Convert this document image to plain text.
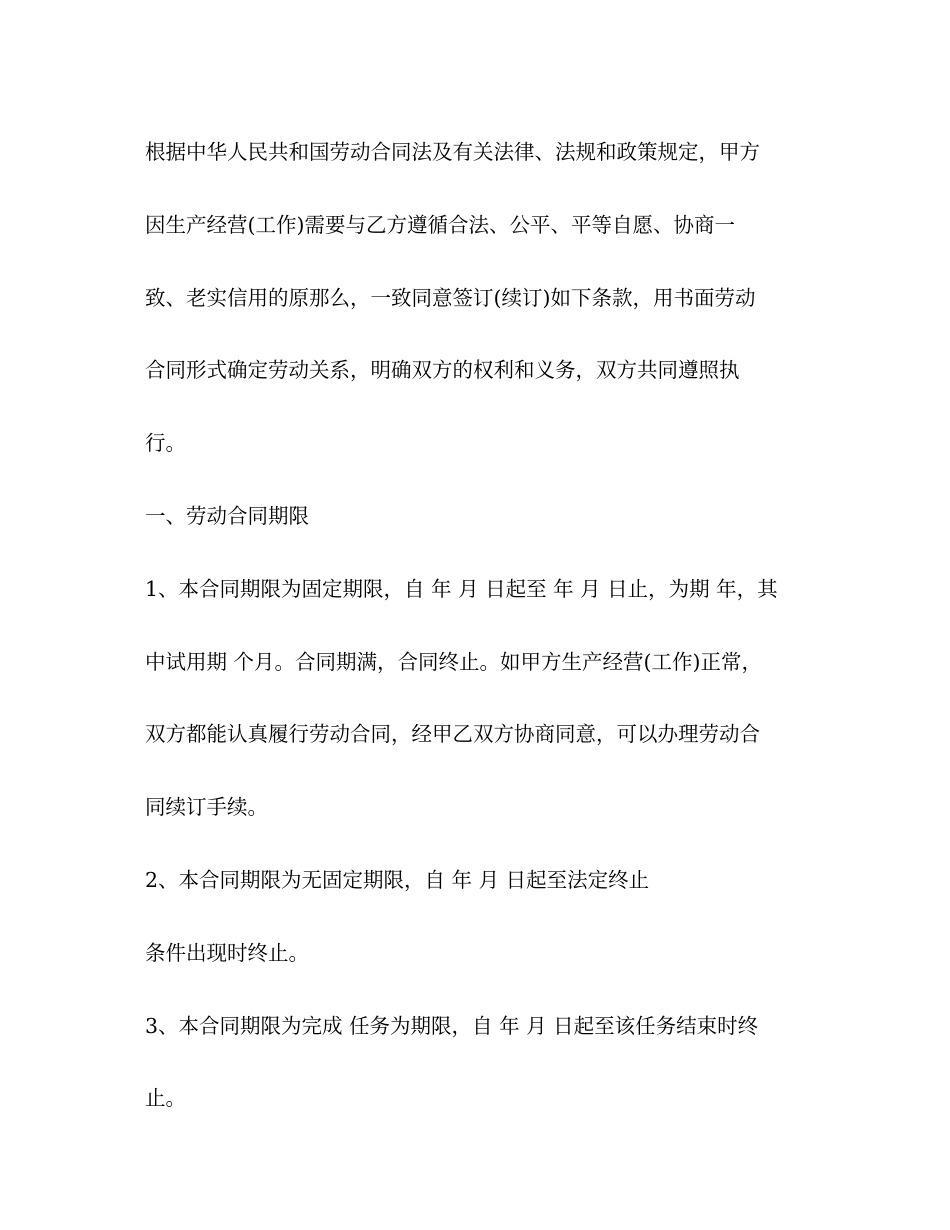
根据中华人民共和国劳动合同法及有关法律、法规和政策规定，甲方
因生产经营(工作)需要与乙方遵循合法、公平、平等自愿、协商一
致、老实信用的原那么，一致同意签订(续订)如下条款，用书面劳动
合同形式确定劳动关系，明确双方的权利和义务，双方共同遵照执
行。
一、劳动合同期限
1、本合同期限为固定期限，自 年 月 日起至 年 月 日止，为期 年，其
中试用期 个月。合同期满，合同终止。如甲方生产经营(工作)正常，
双方都能认真履行劳动合同，经甲乙双方协商同意，可以办理劳动合
同续订手续。
2、本合同期限为无固定期限，自 年 月 日起至法定终止
条件出现时终止。
3、本合同期限为完成 任务为期限，自 年 月 日起至该任务结束时终
止。
